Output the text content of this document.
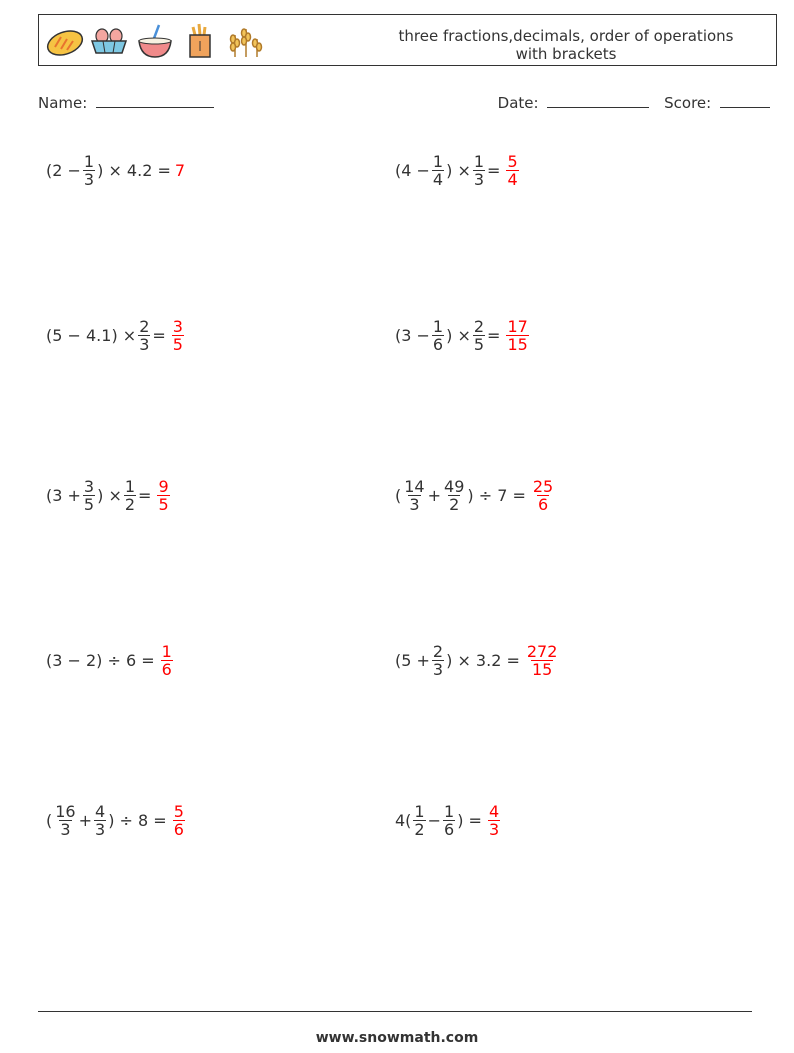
three fractions,decimals, order of operations
with brackets
Name:	Date:	Score:
($2 - \frac{1}{3}$ ) × 4.2 = 7	($4 - \frac{1}{4}$ ) × $\frac{1}{3} = \frac{5}{4}$
$(5 - 4.1) \times \frac{2}{3} = \frac{3}{5}$	($3 - \frac{1}{6}$ ) × $\frac{2}{5} = \frac{17}{15}$
($3 + \frac{3}{5}$ ) × $\frac{1}{2} = \frac{9}{5}$	( $\frac{14}{3} + \frac{49}{2}$ ) ÷ $7 = \frac{25}{6}$
$(3 - 2) \div 6 = \frac{1}{6}$	($5 + \frac{2}{3}$ ) × $3.2 = \frac{272}{15}$
( $\frac{16}{3} + \frac{4}{3}$ ) ÷ $8 = \frac{5}{6}$	$4( \frac{1}{2} - \frac{1}{6}$ ) = $\frac{4}{3}$
www.snowmath.com
